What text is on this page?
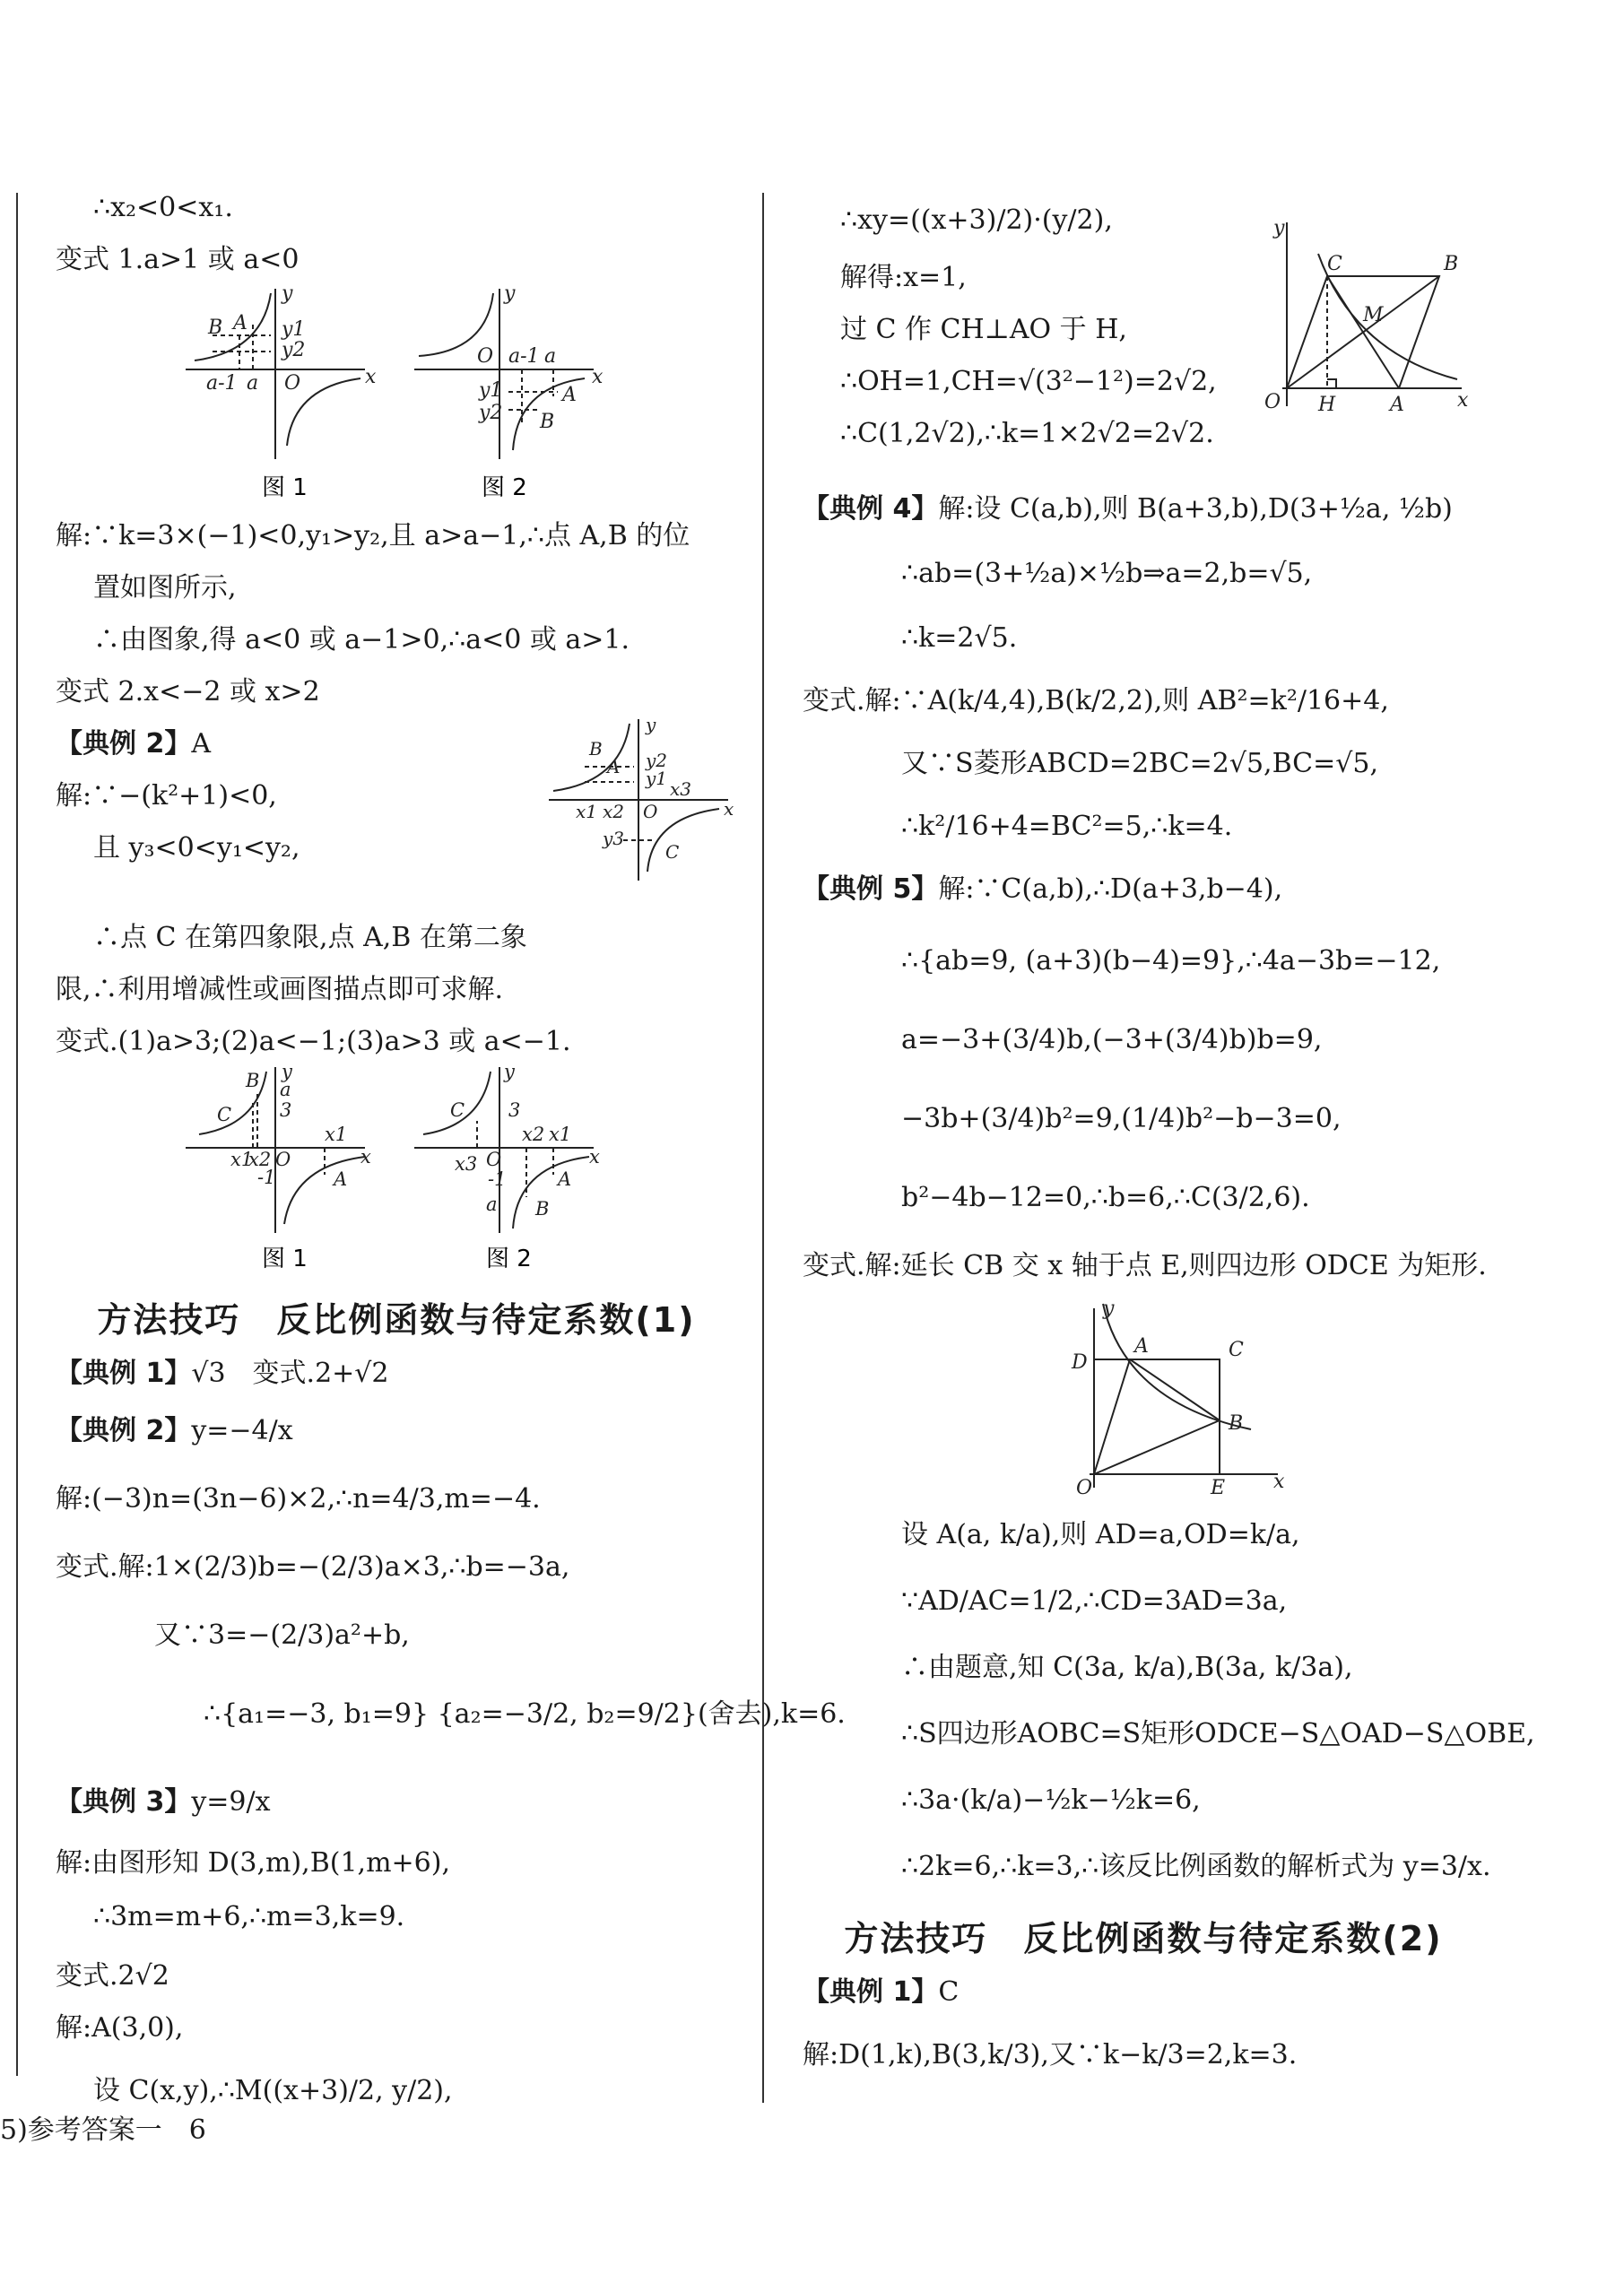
∴x₂<0<x₁.

变式 1.a>1 或 a<0

y
x
B A y1
y2
a-1 a O
y
x
O a-1 a
y1
y2
A
B
图 1	图 2

解:∵k=3×(−1)<0,y₁>y₂,且 a>a−1,∴点 A,B 的位

置如图所示,

∴由图象,得 a<0 或 a−1>0,∴a<0 或 a>1.

变式 2.x<−2 或 x>2

【典例 2】A

解:∵−(k²+1)<0,

且 y₃<0<y₁<y₂,

y
x
B
A y2
y1 x3
x1 x2 O
y3
C

∴点 C 在第四象限,点 A,B 在第二象

限,∴利用增减性或画图描点即可求解.

变式.(1)a>3;(2)a<−1;(3)a>3 或 a<−1.

y
x
B a
3
C
x1
x1
x2 O
-1	A
y
x
C 3
O
x2 x1
x3
-1
a B
A
图 1	图 2

方法技巧　反比例函数与待定系数(1)

【典例 1】√3　变式.2+√2

【典例 2】y=−4/x

解:(−3)n=(3n−6)×2,∴n=4/3,m=−4.

变式.解:1×(2/3)b=−(2/3)a×3,∴b=−3a,

又∵3=−(2/3)a²+b,

∴{a₁=−3, b₁=9} {a₂=−3/2, b₂=9/2}(舍去),k=6.

【典例 3】y=9/x

解:由图形知 D(3,m),B(1,m+6),

∴3m=m+6,∴m=3,k=9.

变式.2√2

解:A(3,0),

设 C(x,y),∴M((x+3)/2, y/2),

∴xy=((x+3)/2)·(y/2),

解得:x=1,

过 C 作 CH⊥AO 于 H,

∴OH=1,CH=√(3²−1²)=2√2,

∴C(1,2√2),∴k=1×2√2=2√2.

y
x
C	B
M
O H	A

【典例 4】解:设 C(a,b),则 B(a+3,b),D(3+½a, ½b)

∴ab=(3+½a)×½b⇒a=2,b=√5,

∴k=2√5.

变式.解:∵A(k/4,4),B(k/2,2),则 AB²=k²/16+4,

又∵S菱形ABCD=2BC=2√5,BC=√5,

∴k²/16+4=BC²=5,∴k=4.

【典例 5】解:∵C(a,b),∴D(a+3,b−4),

∴{ab=9, (a+3)(b−4)=9},∴4a−3b=−12,

a=−3+(3/4)b,(−3+(3/4)b)b=9,

−3b+(3/4)b²=9,(1/4)b²−b−3=0,

b²−4b−12=0,∴b=6,∴C(3/2,6).

变式.解:延长 CB 交 x 轴于点 E,则四边形 ODCE 为矩形.

y
x
D
A	C
B
O	E

设 A(a, k/a),则 AD=a,OD=k/a,

∵AD/AC=1/2,∴CD=3AD=3a,

∴由题意,知 C(3a, k/a),B(3a, k/3a),

∴S四边形AOBC=S矩形ODCE−S△OAD−S△OBE,

∴3a·(k/a)−½k−½k=6,

∴2k=6,∴k=3,∴该反比例函数的解析式为 y=3/x.

方法技巧　反比例函数与待定系数(2)

【典例 1】C

解:D(1,k),B(3,k/3),又∵k−k/3=2,k=3.

5)参考答案一　6
